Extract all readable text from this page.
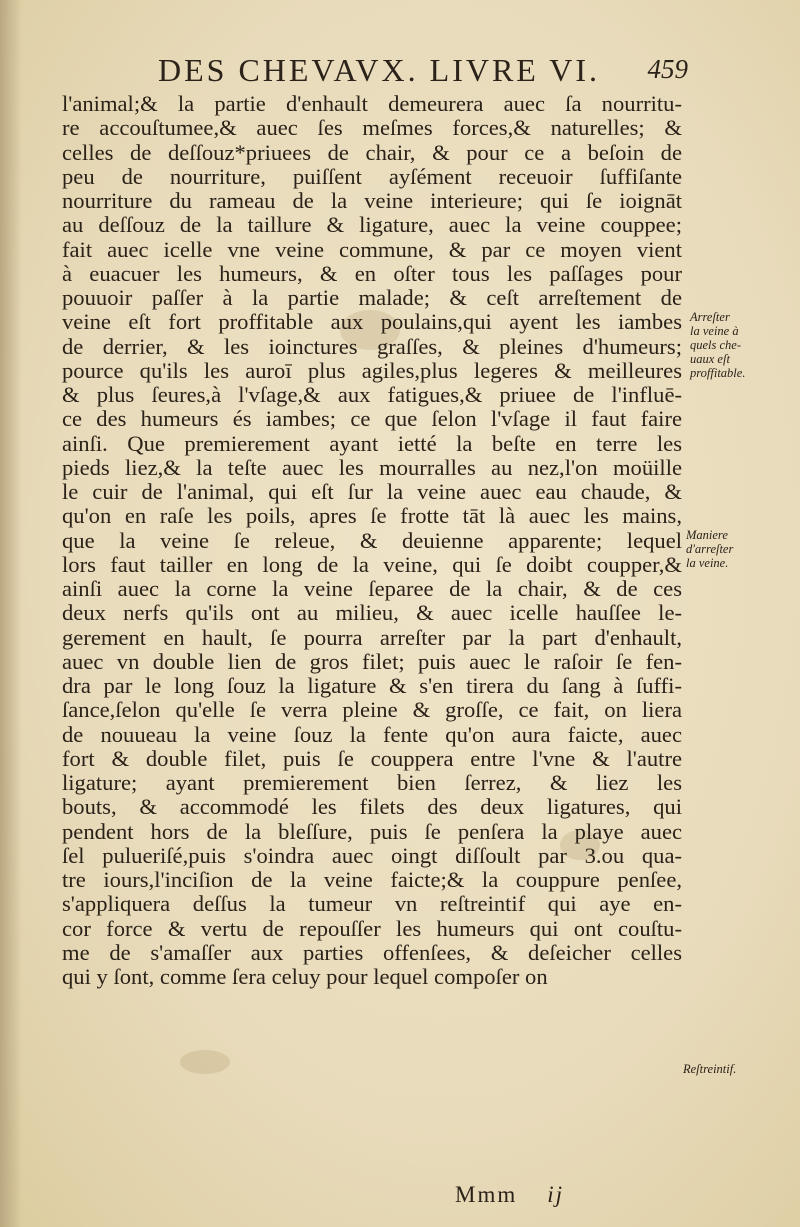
DES CHEVAVX. LIVRE VI. 459
l'animal;& la partie d'enhault demeurera auec ſa nourritu-
re accouſtumee,& auec ſes meſmes forces,& naturelles; &
celles de deſſouz*priuees de chair, & pour ce a beſoin de
peu de nourriture, puiſſent ayſément receuoir ſuffiſante
nourriture du rameau de la veine interieure; qui ſe ioignāt
au deſſouz de la taillure & ligature, auec la veine couppee;
fait auec icelle vne veine commune, & par ce moyen vient
à euacuer les humeurs, & en oſter tous les paſſages pour
pouuoir paſſer à la partie malade; & ceſt arreſtement de
veine eſt fort proffitable aux poulains,qui ayent les iambes
de derrier, & les ioinctures graſſes, & pleines d'humeurs;
pource qu'ils les auroī plus agiles,plus legeres & meilleures
& plus ſeures,à l'vſage,& aux fatigues,& priuee de l'influē-
ce des humeurs és iambes; ce que ſelon l'vſage il faut faire
ainſi. Que premierement ayant ietté la beſte en terre les
pieds liez,& la teſte auec les mourralles au nez,l'on moüille
le cuir de l'animal, qui eſt ſur la veine auec eau chaude, &
qu'on en raſe les poils, apres ſe frotte tāt là auec les mains,
que la veine ſe releue, & deuienne apparente; lequel
lors faut tailler en long de la veine, qui ſe doibt coupper,&
ainſi auec la corne la veine ſeparee de la chair, & de ces
deux nerfs qu'ils ont au milieu, & auec icelle hauſſee le-
gerement en hault, ſe pourra arreſter par la part d'enhault,
auec vn double lien de gros filet; puis auec le raſoir ſe fen-
dra par le long ſouz la ligature & s'en tirera du ſang à ſuffi-
ſance,ſelon qu'elle ſe verra pleine & groſſe, ce fait, on liera
de nouueau la veine ſouz la fente qu'on aura faicte, auec
fort & double filet, puis ſe couppera entre l'vne & l'autre
ligature; ayant premierement bien ſerrez, & liez les
bouts, & accommodé les filets des deux ligatures, qui
pendent hors de la bleſſure, puis ſe penſera la playe auec
ſel pulueriſé,puis s'oindra auec oingt diſſoult par 3.ou qua-
tre iours,l'inciſion de la veine faicte;& la couppure penſee,
s'appliquera deſſus la tumeur vn reſtreintif qui aye en-
cor force & vertu de repouſſer les humeurs qui ont couſtu-
me de s'amaſſer aux parties offenſees, & deſeicher celles
qui y ſont, comme ſera celuy pour lequel compoſer on
Arreſter
la veine à
quels che-
uaux eſt
proffitable.
Maniere
d'arreſter
la veine.
Reſtreintif.
Mmm ij
